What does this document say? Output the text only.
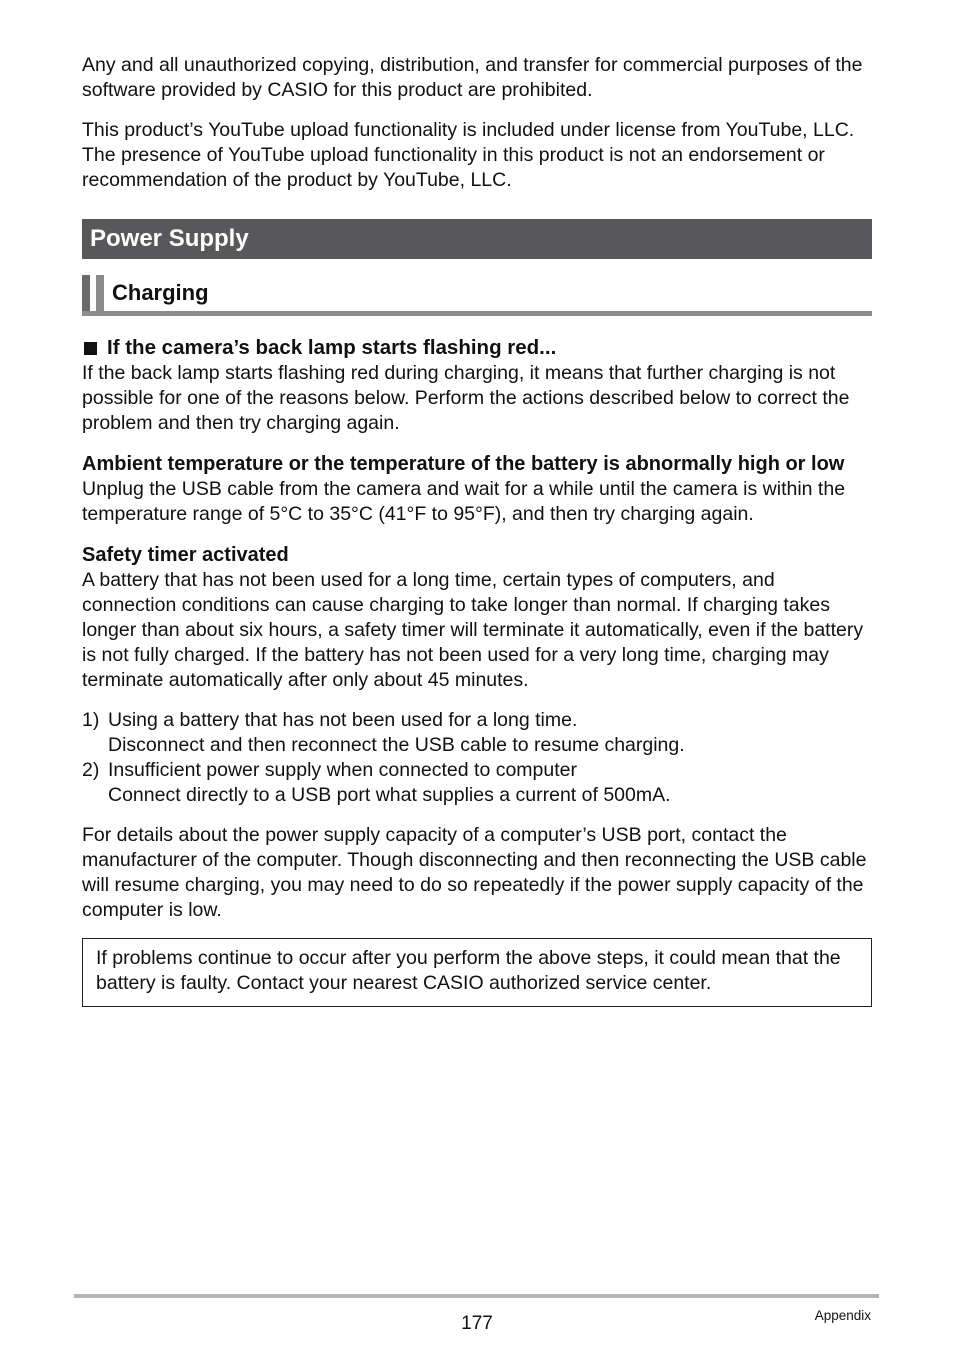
Any and all unauthorized copying, distribution, and transfer for commercial purposes of the software provided by CASIO for this product are prohibited.

This product’s YouTube upload functionality is included under license from YouTube, LLC. The presence of YouTube upload functionality in this product is not an endorsement or recommendation of the product by YouTube, LLC.

Power Supply
Charging
If the camera’s back lamp starts flashing red...

If the back lamp starts flashing red during charging, it means that further charging is not possible for one of the reasons below. Perform the actions described below to correct the problem and then try charging again.

Ambient temperature or the temperature of the battery is abnormally high or low

Unplug the USB cable from the camera and wait for a while until the camera is within the temperature range of 5°C to 35°C (41°F to 95°F), and then try charging again.

Safety timer activated

A battery that has not been used for a long time, certain types of computers, and connection conditions can cause charging to take longer than normal. If charging takes longer than about six hours, a safety timer will terminate it automatically, even if the battery is not fully charged. If the battery has not been used for a very long time, charging may terminate automatically after only about 45 minutes.

1) Using a battery that has not been used for a long time.
Disconnect and then reconnect the USB cable to resume charging.
2) Insufficient power supply when connected to computer
Connect directly to a USB port what supplies a current of 500mA.

For details about the power supply capacity of a computer’s USB port, contact the manufacturer of the computer. Though disconnecting and then reconnecting the USB cable will resume charging, you may need to do so repeatedly if the power supply capacity of the computer is low.

If problems continue to occur after you perform the above steps, it could mean that the battery is faulty. Contact your nearest CASIO authorized service center.

177	Appendix
